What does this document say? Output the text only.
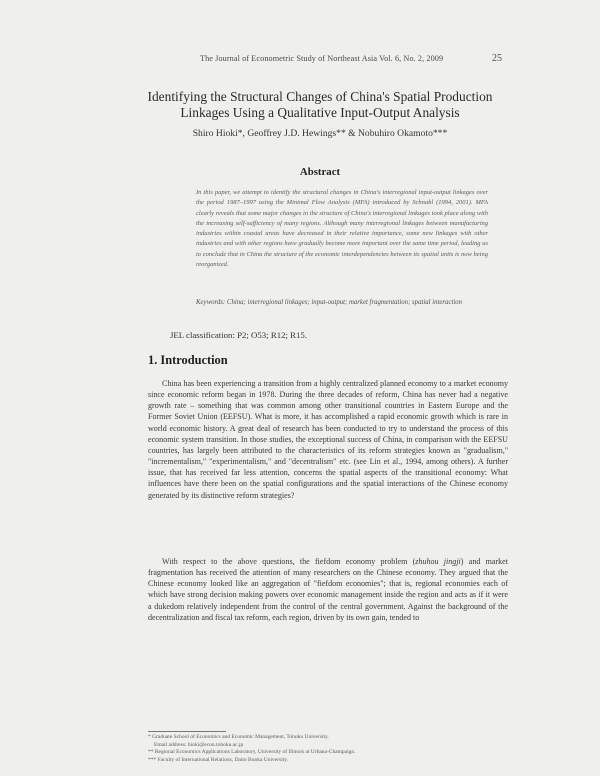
The Journal of Econometric Study of Northeast Asia Vol. 6, No. 2, 2009	25
Identifying the Structural Changes of China's Spatial Production
Linkages Using a Qualitative Input-Output Analysis
Shiro Hioki*, Geoffrey J.D. Hewings** & Nobuhiro Okamoto***
Abstract
In this paper, we attempt to identify the structural changes in China's interregional input-output linkages over the period 1987–1997 using the Minimal Flow Analysis (MFA) introduced by Schnabl (1994, 2001). MFA clearly reveals that some major changes in the structure of China's interregional linkages took place along with the increasing self-sufficiency of many regions. Although many interregional linkages between manufacturing industries within coastal areas have decreased in their relative importance, some new linkages with other industries and with other regions have gradually become more important over the same time period, leading us to conclude that in China the structure of the economic interdependencies between its spatial units is now being reorganized.
Keywords: China; interregional linkages; input-output; market fragmentation; spatial interaction
JEL classification: P2; O53; R12; R15.
1. Introduction

China has been experiencing a transition from a highly centralized planned economy to a market economy since economic reform began in 1978. During the three decades of reform, China has never had a negative growth rate – something that was common among other transitional countries in Eastern Europe and the Former Soviet Union (EEFSU). What is more, it has accomplished a rapid economic growth which is rare in world economic history. A great deal of research has been conducted to try to understand the process of this economic system transition. In those studies, the exceptional success of China, in comparison with the EEFSU countries, has largely been attributed to the characteristics of its reform strategies known as "gradualism," "incrementalism," "experimentalism," and "decentralism" etc. (see Lin et al., 1994, among others). A further issue, that has received far less attention, concerns the spatial aspects of the transitional economy: What influences have there been on the spatial configurations and the spatial interactions of the Chinese economy generated by its distinctive reform strategies?

With respect to the above questions, the fiefdom economy problem (zhuhou jingji) and market fragmentation has received the attention of many researchers on the Chinese economy. They argued that the Chinese economy looked like an aggregation of "fiefdom economies"; that is, regional economies each of which have strong decision making powers over economic management inside the region and acts as if it were a dukedom relatively independent from the control of the central government. Against the background of the decentralization and fiscal tax reform, each region, driven by its own gain, tended to

* Graduate School of Economics and Economic Management, Tohoku University.
Email address: hioki@econ.tohoku.ac.jp
** Regional Economics Applications Laboratory, University of Illinois at Urbana-Champaign.
*** Faculty of International Relations, Daito Bunka University.
